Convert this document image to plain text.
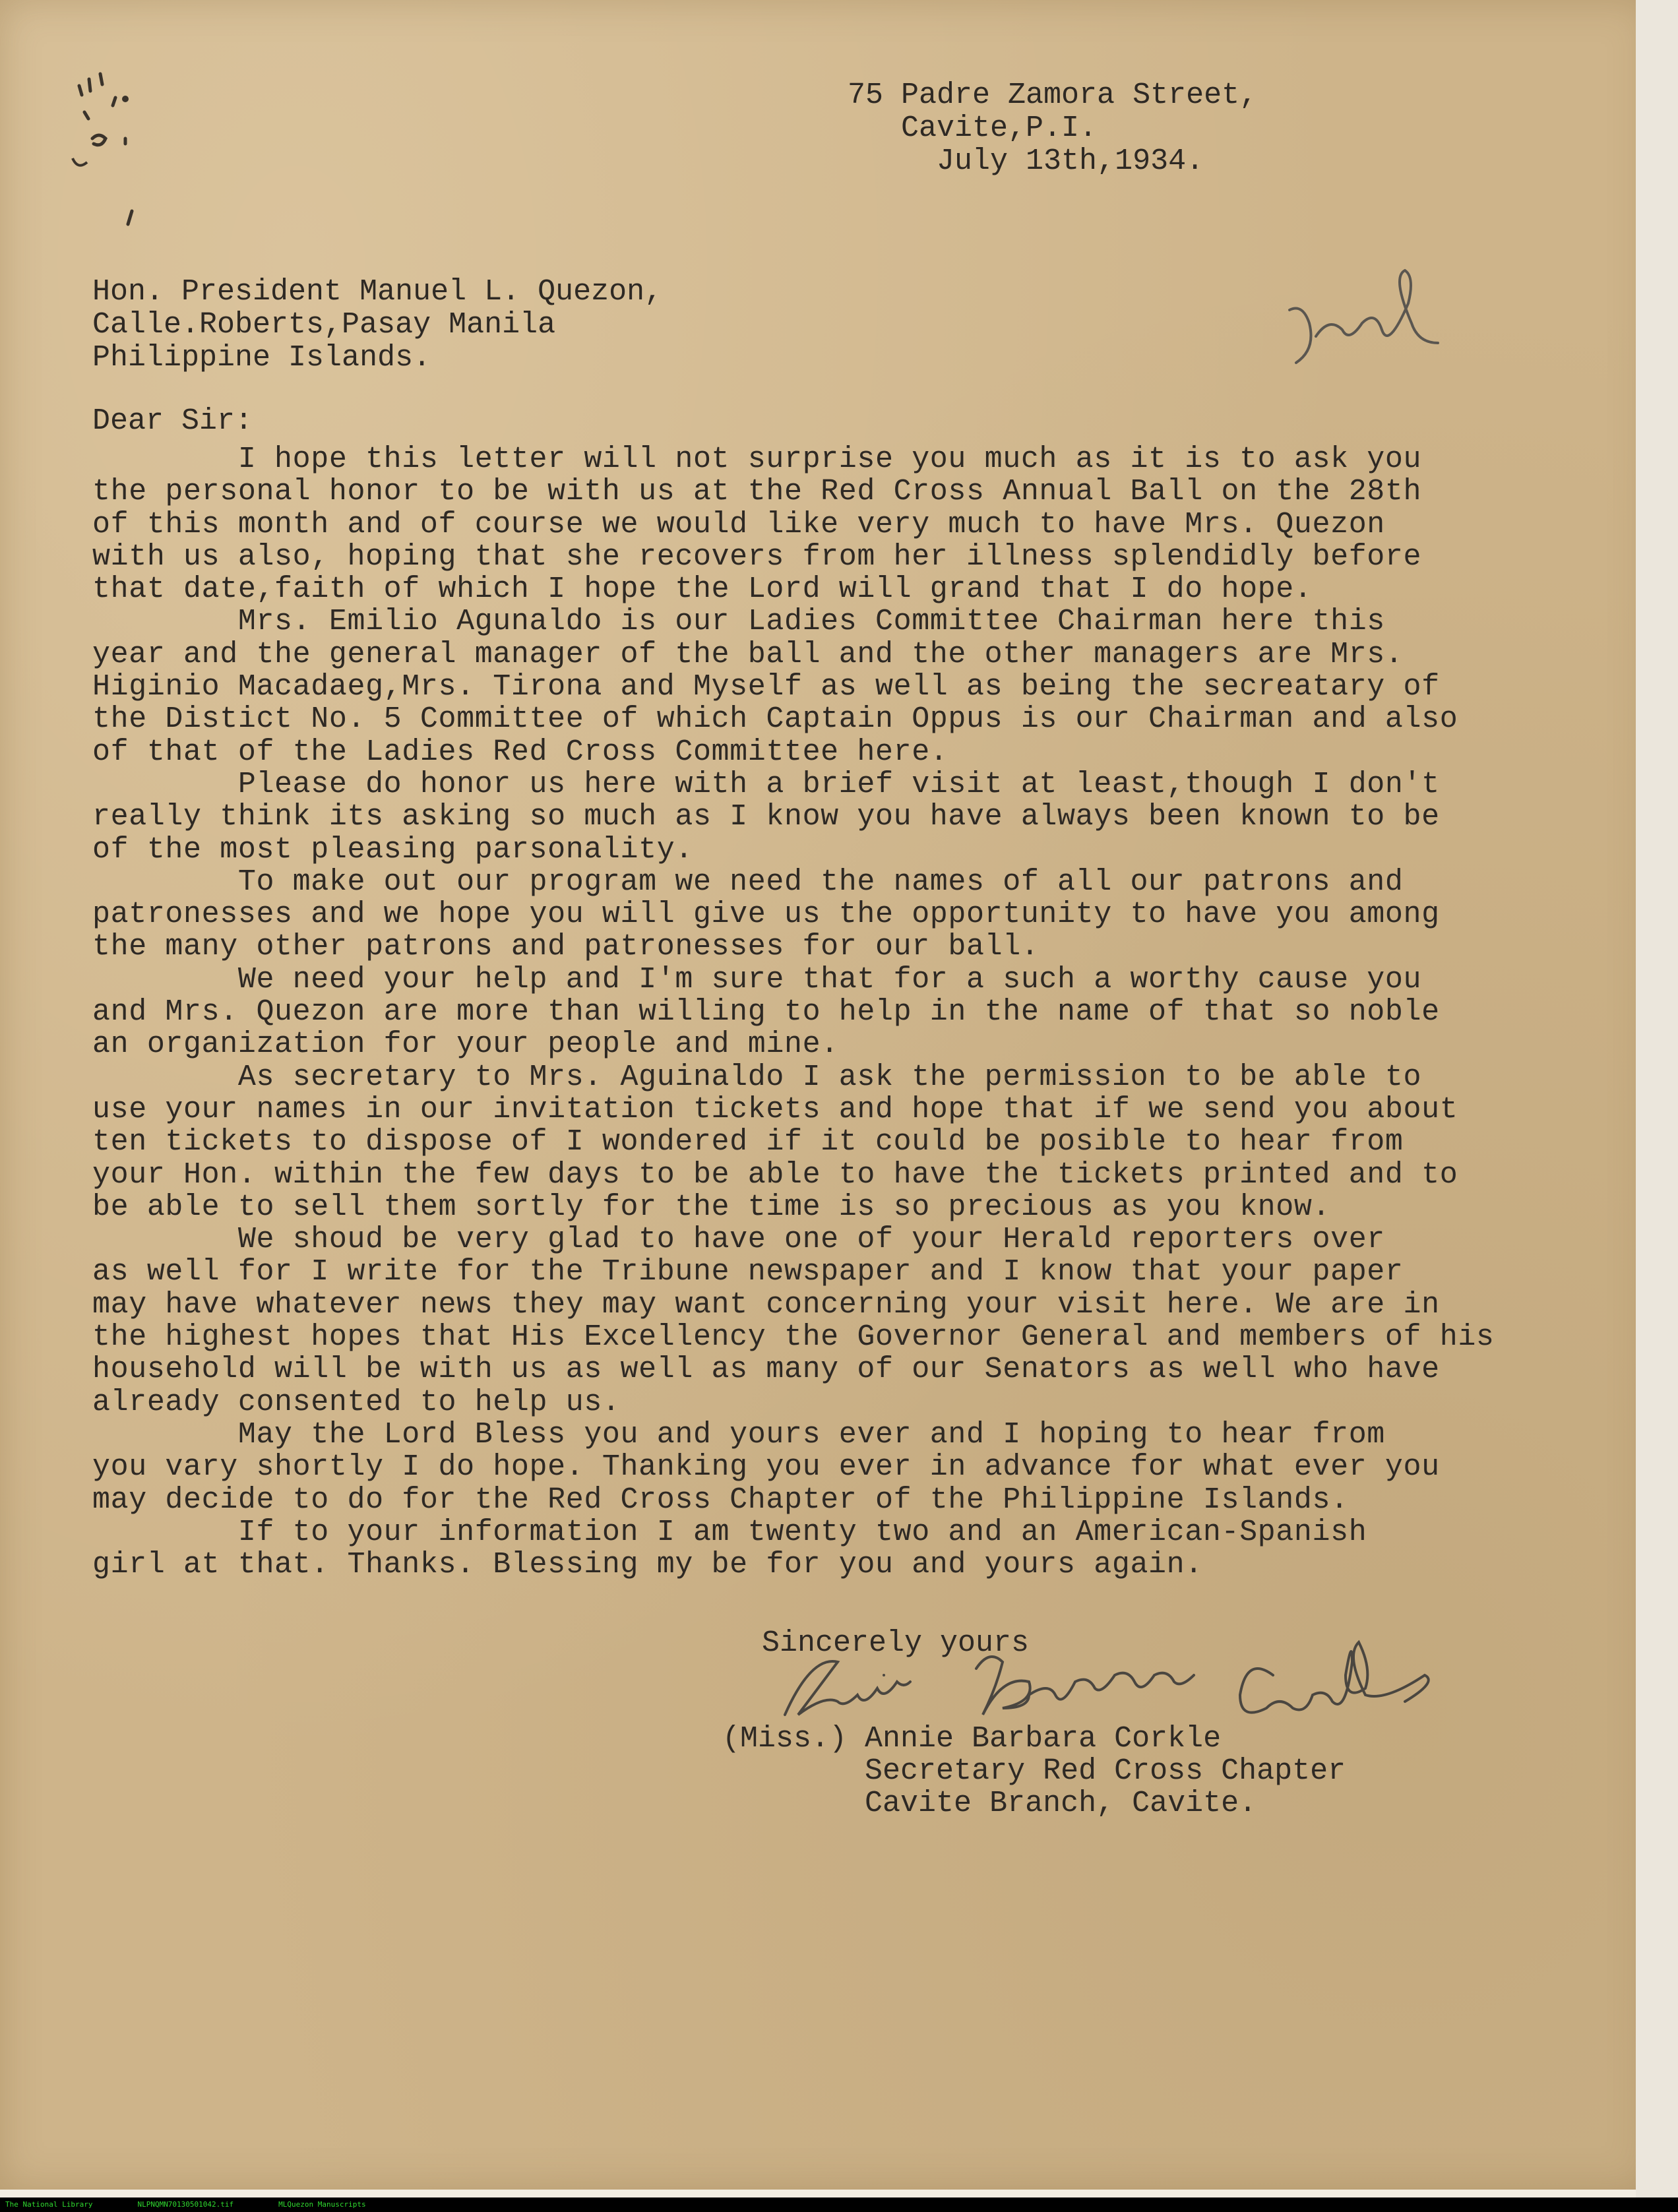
75 Padre Zamora Street,
Cavite,P.I.
July 13th,1934.
Hon. President Manuel L. Quezon,
Calle.Roberts,Pasay Manila
Philippine Islands.
Dear Sir:
I hope this letter will not surprise you much as it is to ask you
the personal honor to be with us at the Red Cross Annual Ball on the 28th
of this month and of course we would like very much to have Mrs. Quezon
with us also, hoping that she recovers from her illness splendidly before
that date,faith of which I hope the Lord will grand that I do hope.
Mrs. Emilio Agunaldo is our Ladies Committee Chairman here this
year and the general manager of the ball and the other managers are Mrs.
Higinio Macadaeg,Mrs. Tirona and Myself as well as being the secreatary of
the Distict No. 5 Committee of which Captain Oppus is our Chairman and also
of that of the Ladies Red Cross Committee here.
Please do honor us here with a brief visit at least,though I don't
really think its asking so much as I know you have always been known to be
of the most pleasing parsonality.
To make out our program we need the names of all our patrons and
patronesses and we hope you will give us the opportunity to have you among
the many other patrons and patronesses for our ball.
We need your help and I'm sure that for a such a worthy cause you
and Mrs. Quezon are more than willing to help in the name of that so noble
an organization for your people and mine.
As secretary to Mrs. Aguinaldo I ask the permission to be able to
use your names in our invitation tickets and hope that if we send you about
ten tickets to dispose of I wondered if it could be posible to hear from
your Hon. within the few days to be able to have the tickets printed and to
be able to sell them sortly for the time is so precious as you know.
We shoud be very glad to have one of your Herald reporters over
as well for I write for the Tribune newspaper and I know that your paper
may have whatever news they may want concerning your visit here. We are in
the highest hopes that His Excellency the Governor General and members of his
household will be with us as well as many of our Senators as well who have
already consented to help us.
May the Lord Bless you and yours ever and I hoping to hear from
you vary shortly I do hope. Thanking you ever in advance for what ever you
may decide to do for the Red Cross Chapter of the Philippine Islands.
If to your information I am twenty two and an American-Spanish
girl at that. Thanks. Blessing my be for you and yours again.
Sincerely yours
(Miss.) Annie Barbara Corkle
Secretary Red Cross Chapter
Cavite Branch, Cavite.
The National Library	NLPNQMN70130501042.tif	MLQuezon Manuscripts
